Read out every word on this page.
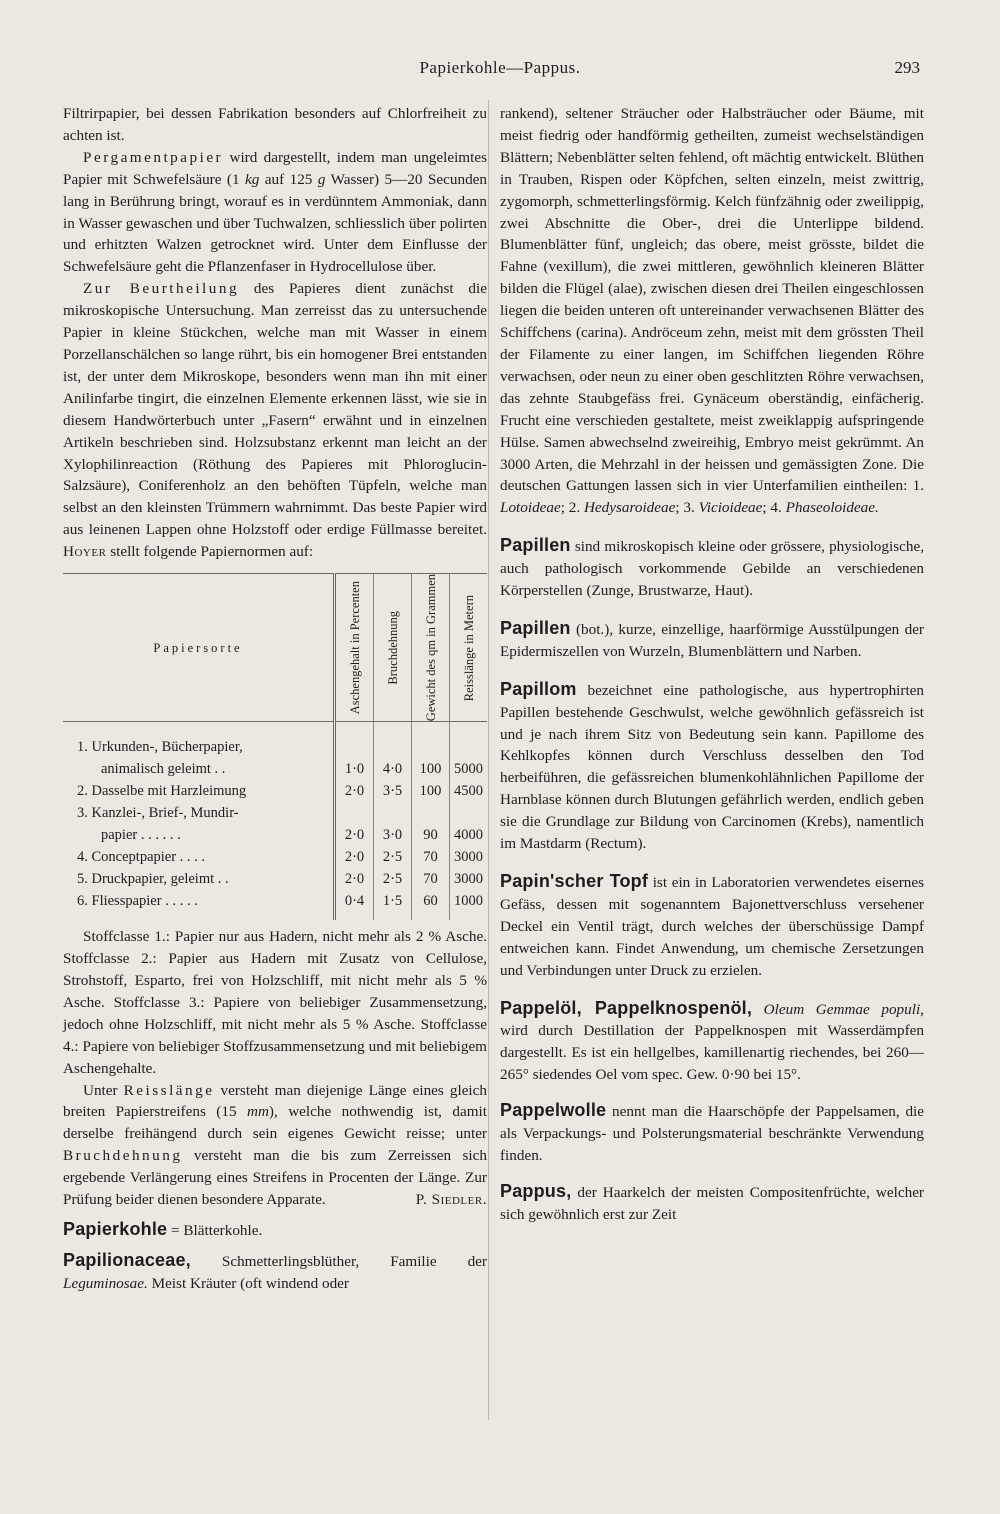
Papierkohle—Pappus.	293

Filtrirpapier, bei dessen Fabrikation besonders auf Chlorfreiheit zu achten ist.

Pergamentpapier wird dargestellt, indem man ungeleimtes Papier mit Schwefelsäure (1 kg auf 125 g Wasser) 5—20 Secunden lang in Berührung bringt, worauf es in verdünntem Ammoniak, dann in Wasser gewaschen und über Tuchwalzen, schliesslich über polirten und erhitzten Walzen getrocknet wird. Unter dem Einflusse der Schwefelsäure geht die Pflanzenfaser in Hydrocellulose über.

Zur Beurtheilung des Papieres dient zunächst die mikroskopische Untersuchung. Man zerreisst das zu untersuchende Papier in kleine Stückchen, welche man mit Wasser in einem Porzellanschälchen so lange rührt, bis ein homogener Brei entstanden ist, der unter dem Mikroskope, besonders wenn man ihn mit einer Anilinfarbe tingirt, die einzelnen Elemente erkennen lässt, wie sie in diesem Handwörterbuch unter „Fasern“ erwähnt und in einzelnen Artikeln beschrieben sind. Holzsubstanz erkennt man leicht an der Xylophilinreaction (Röthung des Papieres mit Phloroglucin-Salzsäure), Coniferenholz an den behöften Tüpfeln, welche man selbst an den kleinsten Trümmern wahrnimmt. Das beste Papier wird aus leinenen Lappen ohne Holzstoff oder erdige Füllmasse bereitet. Hoyer stellt folgende Papiernormen auf:

Papiersorte	Aschengehalt in Percenten	Bruchdehnung	Gewicht des qm in Grammen	Reisslänge in Metern

1. Urkunden-, Bücherpapier,				
animalisch geleimt . .	1·0	4·0	100	5000
2. Dasselbe mit Harzleimung	2·0	3·5	100	4500
3. Kanzlei-, Brief-, Mundir-				
papier . . . . . .	2·0	3·0	90	4000
4. Conceptpapier . . . .	2·0	2·5	70	3000
5. Druckpapier, geleimt . .	2·0	2·5	70	3000
6. Fliesspapier . . . . .	0·4	1·5	60	1000

Stoffclasse 1.: Papier nur aus Hadern, nicht mehr als 2 % Asche. Stoffclasse 2.: Papier aus Hadern mit Zusatz von Cellulose, Strohstoff, Esparto, frei von Holzschliff, mit nicht mehr als 5 % Asche. Stoffclasse 3.: Papiere von beliebiger Zusammensetzung, jedoch ohne Holzschliff, mit nicht mehr als 5 % Asche. Stoffclasse 4.: Papiere von beliebiger Stoffzusammensetzung und mit beliebigem Aschengehalte.

Unter Reisslänge versteht man diejenige Länge eines gleich breiten Papierstreifens (15 mm), welche nothwendig ist, damit derselbe freihängend durch sein eigenes Gewicht reisse; unter Bruchdehnung versteht man die bis zum Zerreissen sich ergebende Verlängerung eines Streifens in Procenten der Länge. Zur Prüfung beider dienen besondere Apparate.	P. Siedler.

Papierkohle = Blätterkohle.

Papilionaceae, Schmetterlingsblüther, Familie der Leguminosae. Meist Kräuter (oft windend oder

rankend), seltener Sträucher oder Halbsträucher oder Bäume, mit meist fiedrig oder handförmig getheilten, zumeist wechselständigen Blättern; Nebenblätter selten fehlend, oft mächtig entwickelt. Blüthen in Trauben, Rispen oder Köpfchen, selten einzeln, meist zwittrig, zygomorph, schmetterlingsförmig. Kelch fünfzähnig oder zweilippig, zwei Abschnitte die Ober-, drei die Unterlippe bildend. Blumenblätter fünf, ungleich; das obere, meist grösste, bildet die Fahne (vexillum), die zwei mittleren, gewöhnlich kleineren Blätter bilden die Flügel (alae), zwischen diesen drei Theilen eingeschlossen liegen die beiden unteren oft untereinander verwachsenen Blätter des Schiffchens (carina). Andröceum zehn, meist mit dem grössten Theil der Filamente zu einer langen, im Schiffchen liegenden Röhre verwachsen, oder neun zu einer oben geschlitzten Röhre verwachsen, das zehnte Staubgefäss frei. Gynäceum oberständig, einfächerig. Frucht eine verschieden gestaltete, meist zweiklappig aufspringende Hülse. Samen abwechselnd zweireihig, Embryo meist gekrümmt. An 3000 Arten, die Mehrzahl in der heissen und gemässigten Zone. Die deutschen Gattungen lassen sich in vier Unterfamilien eintheilen: 1. Lotoideae; 2. Hedysaroideae; 3. Vicioideae; 4. Phaseoloideae.

Papillen sind mikroskopisch kleine oder grössere, physiologische, auch pathologisch vorkommende Gebilde an verschiedenen Körperstellen (Zunge, Brustwarze, Haut).

Papillen (bot.), kurze, einzellige, haarförmige Ausstülpungen der Epidermiszellen von Wurzeln, Blumenblättern und Narben.

Papillom bezeichnet eine pathologische, aus hypertrophirten Papillen bestehende Geschwulst, welche gewöhnlich gefässreich ist und je nach ihrem Sitz von Bedeutung sein kann. Papillome des Kehlkopfes können durch Verschluss desselben den Tod herbeiführen, die gefässreichen blumenkohlähnlichen Papillome der Harnblase können durch Blutungen gefährlich werden, endlich geben sie die Grundlage zur Bildung von Carcinomen (Krebs), namentlich im Mastdarm (Rectum).

Papin'scher Topf ist ein in Laboratorien verwendetes eisernes Gefäss, dessen mit sogenanntem Bajonettverschluss versehener Deckel ein Ventil trägt, durch welches der überschüssige Dampf entweichen kann. Findet Anwendung, um chemische Zersetzungen und Verbindungen unter Druck zu erzielen.

Pappelöl, Pappelknospenöl, Oleum Gemmae populi, wird durch Destillation der Pappelknospen mit Wasserdämpfen dargestellt. Es ist ein hellgelbes, kamillenartig riechendes, bei 260—265° siedendes Oel vom spec. Gew. 0·90 bei 15°.

Pappelwolle nennt man die Haarschöpfe der Pappelsamen, die als Verpackungs- und Polsterungsmaterial beschränkte Verwendung finden.

Pappus, der Haarkelch der meisten Compositenfrüchte, welcher sich gewöhnlich erst zur Zeit
